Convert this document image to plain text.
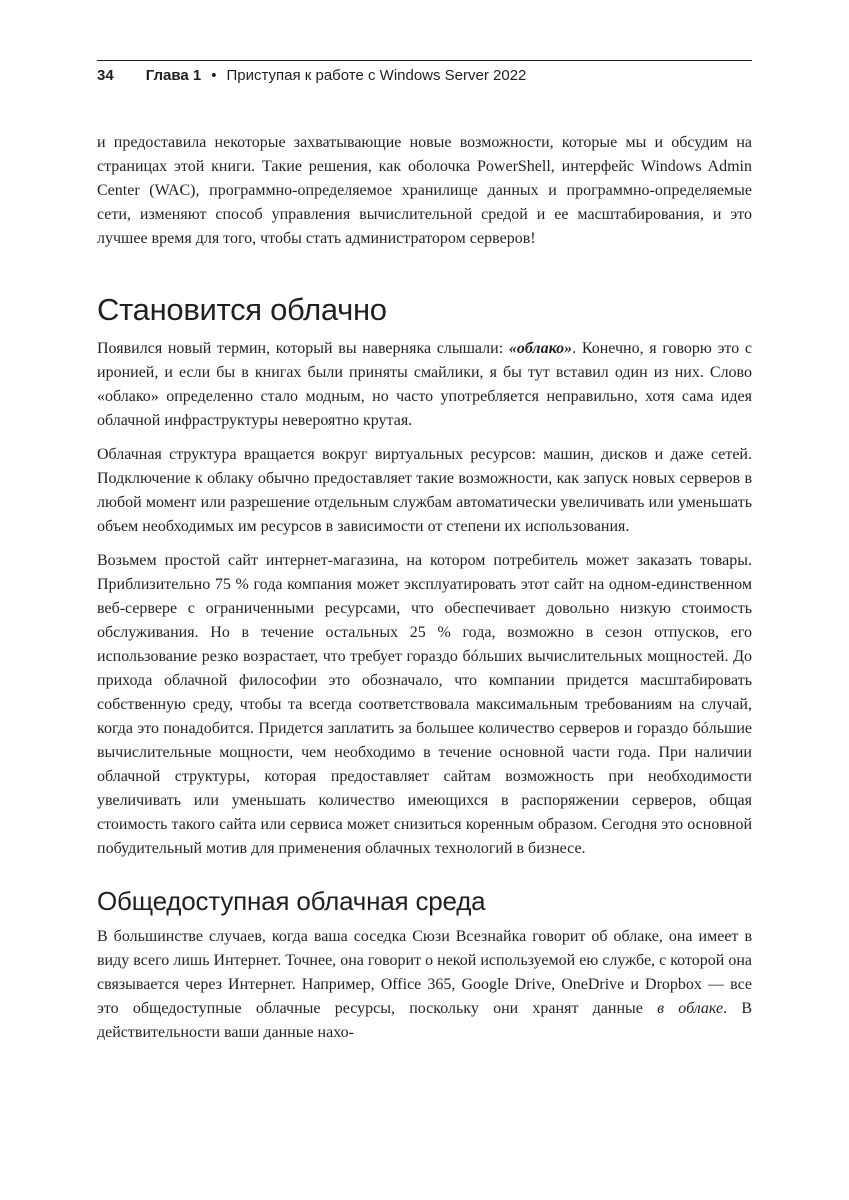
34 Глава 1 • Приступая к работе с Windows Server 2022

и предоставила некоторые захватывающие новые возможности, которые мы и обсудим на страницах этой книги. Такие решения, как оболочка PowerShell, интерфейс Windows Admin Center (WAC), программно-определяемое хранилище данных и программно-определяемые сети, изменяют способ управления вычислительной средой и ее масштабирования, и это лучшее время для того, чтобы стать администратором серверов!

Становится облачно

Появился новый термин, который вы наверняка слышали: «облако». Конечно, я говорю это с иронией, и если бы в книгах были приняты смайлики, я бы тут вставил один из них. Слово «облако» определенно стало модным, но часто употребляется неправильно, хотя сама идея облачной инфраструктуры невероятно крутая.

Облачная структура вращается вокруг виртуальных ресурсов: машин, дисков и даже сетей. Подключение к облаку обычно предоставляет такие возможности, как запуск новых серверов в любой момент или разрешение отдельным службам автоматически увеличивать или уменьшать объем необходимых им ресурсов в зависимости от степени их использования.

Возьмем простой сайт интернет-магазина, на котором потребитель может заказать товары. Приблизительно 75 % года компания может эксплуатировать этот сайт на одном-единственном веб-сервере с ограниченными ресурсами, что обеспечивает довольно низкую стоимость обслуживания. Но в течение остальных 25 % года, возможно в сезон отпусков, его использование резко возрастает, что требует гораздо бóльших вычислительных мощностей. До прихода облачной философии это обозначало, что компании придется масштабировать собственную среду, чтобы та всегда соответствовала максимальным требованиям на случай, когда это понадобится. Придется заплатить за большее количество серверов и гораздо бóльшие вычислительные мощности, чем необходимо в течение основной части года. При наличии облачной структуры, которая предоставляет сайтам возможность при необходимости увеличивать или уменьшать количество имеющихся в распоряжении серверов, общая стоимость такого сайта или сервиса может снизиться коренным образом. Сегодня это основной побудительный мотив для применения облачных технологий в бизнесе.

Общедоступная облачная среда

В большинстве случаев, когда ваша соседка Сюзи Всезнайка говорит об облаке, она имеет в виду всего лишь Интернет. Точнее, она говорит о некой используемой ею службе, с которой она связывается через Интернет. Например, Office 365, Google Drive, OneDrive и Dropbox — все это общедоступные облачные ресурсы, поскольку они хранят данные в облаке. В действительности ваши данные нахо-
